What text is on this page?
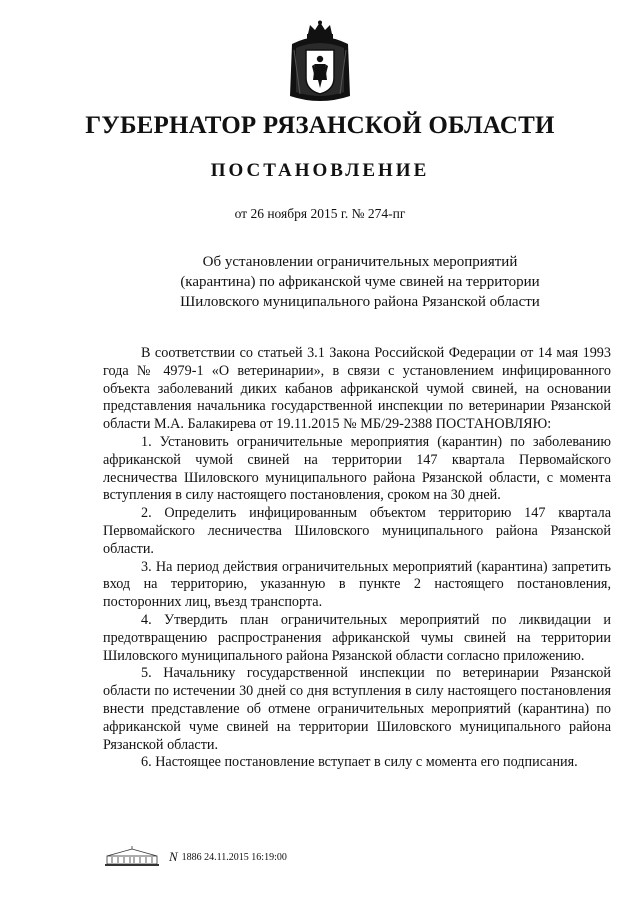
ГУБЕРНАТОР РЯЗАНСКОЙ ОБЛАСТИ
ПОСТАНОВЛЕНИЕ
от 26 ноября 2015 г. № 274-пг
Об установлении ограничительных мероприятий
(карантина) по африканской чуме свиней на территории
Шиловского муниципального района Рязанской области

В соответствии со статьей 3.1 Закона Российской Федерации от 14 мая 1993 года № 4979-1 «О ветеринарии», в связи с установлением инфицированного объекта заболеваний диких кабанов африканской чумой свиней, на основании представления начальника государственной инспекции по ветеринарии Рязанской области М.А. Балакирева от 19.11.2015 № МБ/29-2388 ПОСТАНОВЛЯЮ:

1. Установить ограничительные мероприятия (карантин) по заболеванию африканской чумой свиней на территории 147 квартала Первомайского лесничества Шиловского муниципального района Рязанской области, с момента вступления в силу настоящего постановления, сроком на 30 дней.

2. Определить инфицированным объектом территорию 147 квартала Первомайского лесничества Шиловского муниципального района Рязанской области.

3. На период действия ограничительных мероприятий (карантина) запретить вход на территорию, указанную в пункте 2 настоящего постановления, посторонних лиц, въезд транспорта.

4. Утвердить план ограничительных мероприятий по ликвидации и предотвращению распространения африканской чумы свиней на территории Шиловского муниципального района Рязанской области согласно приложению.

5. Начальнику государственной инспекции по ветеринарии Рязанской области по истечении 30 дней со дня вступления в силу настоящего постановления внести представление об отмене ограничительных мероприятий (карантина) по африканской чуме свиней на территории Шиловского муниципального района Рязанской области.

6. Настоящее постановление вступает в силу с момента его подписания.

N 1886 24.11.2015 16:19:00
